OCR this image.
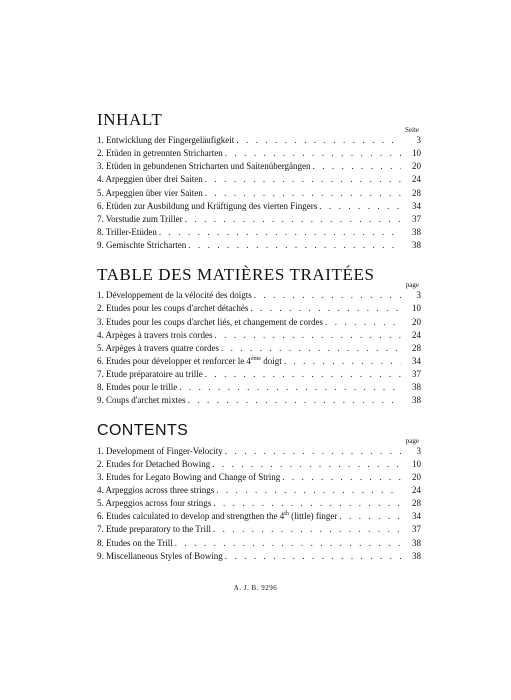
INHALT
Seite
1. Entwicklung der Fingergeläufigkeit . . .	3
2. Etüden in getrennten Stricharten . . .	10
3. Etüden in gebundenen Stricharten und Saitenübergängen . . .	20
4. Arpeggien über drei Saiten . . .	24
5. Arpeggien über vier Saiten . . .	28
6. Etüden zur Ausbildung und Kräftigung des vierten Fingers . . .	34
7. Vorstudie zum Triller . . .	37
8. Triller-Etüden . . .	38
9. Gemischte Stricharten . . .	38
TABLE DES MATIÈRES TRAITÉES
page
1. Développement de la vélocité des doigts . . .	3
2. Etudes pour les coups d'archet détachés . . .	10
3. Etudes pour les coups d'archet liés, et changement de cordes . . .	20
4. Arpèges à travers trois cordes . . .	24
5. Arpèges à travers quatre cordes . . .	28
6. Etudes pour développer et renforcer le 4ème doigt . . .	34
7. Etude préparatoire au trille . . .	37
8. Etudes pour le trille . . .	38
9. Coups d'archet mixtes . . .	38
CONTENTS
page
1. Development of Finger-Velocity . . .	3
2. Etudes for Detached Bowing . . .	10
3. Etudes for Legato Bowing and Change of String . . .	20
4. Arpeggios across three strings . . .	24
5. Arpeggios across four strings . . .	28
6. Etudes calculated to develop and strengthen the 4th (little) finger . . .	34
7. Etude preparatory to the Trill . . .	37
8. Etudes on the Trill . . .	38
9. Miscellaneous Styles of Bowing . . .	38
A. J. B. 9296
